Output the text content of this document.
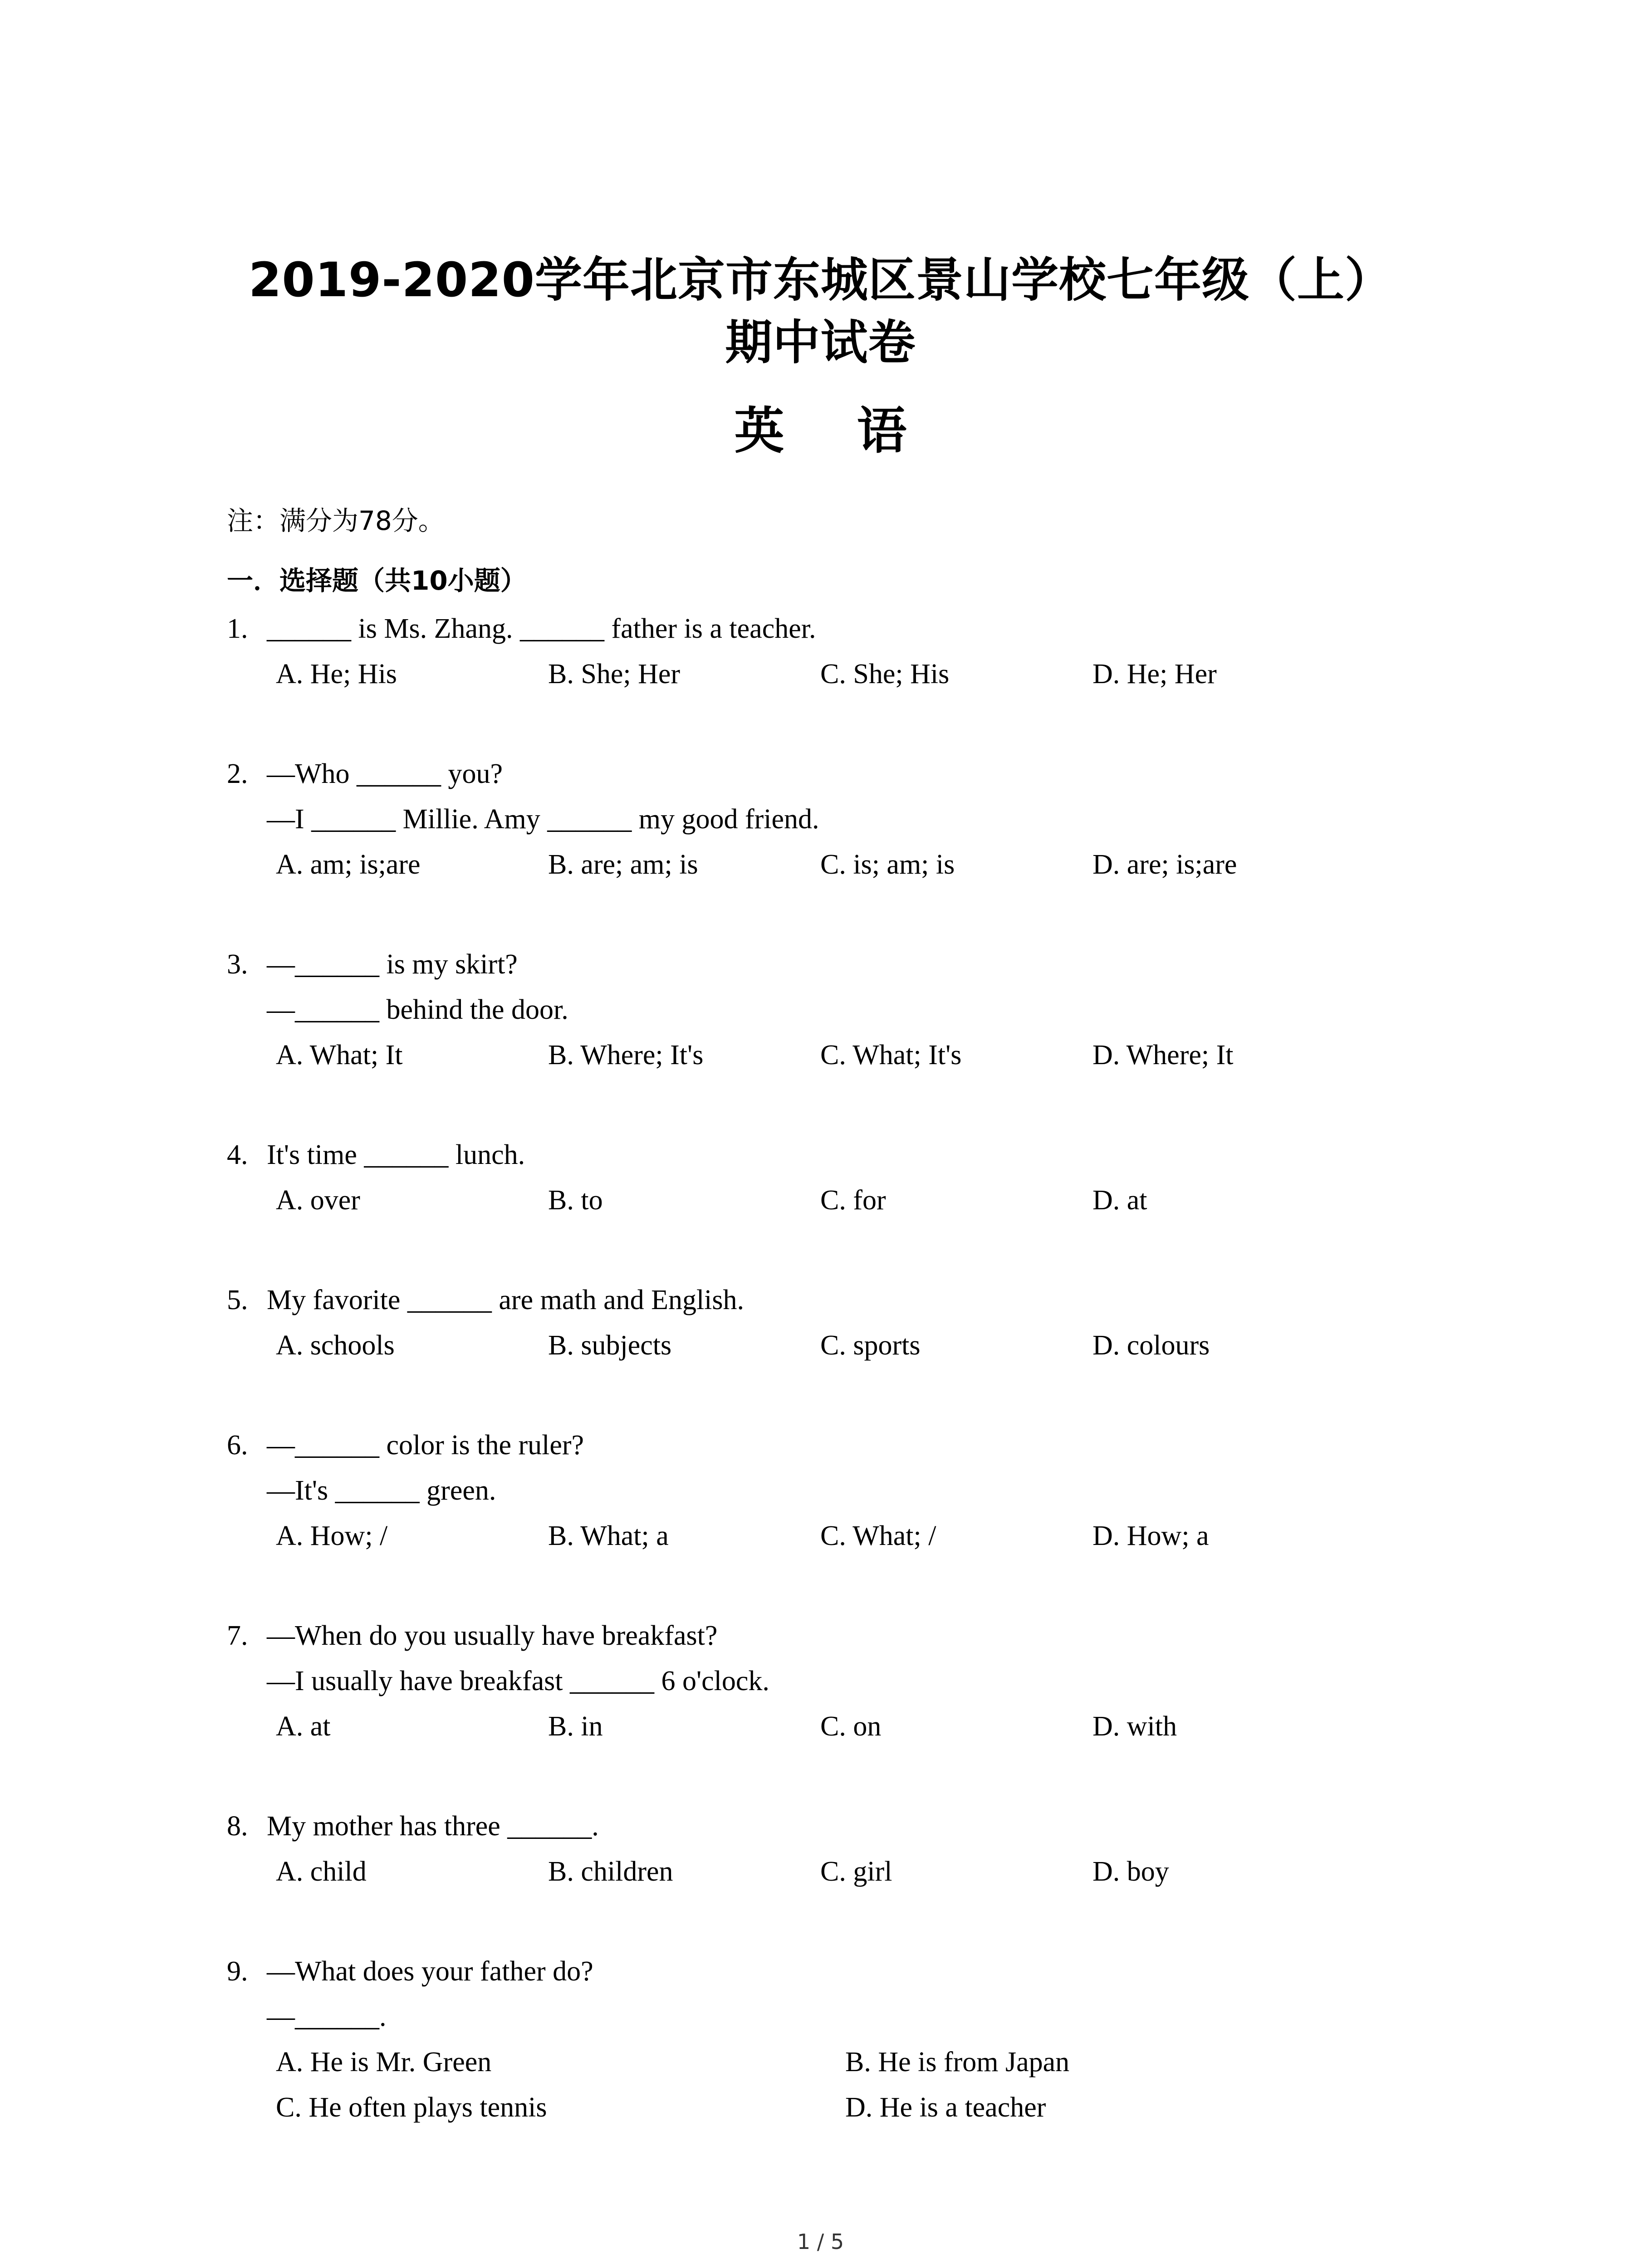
2019-2020学年北京市东城区景山学校七年级（上）期中试卷
英 语
注：满分为78分。
一．选择题（共10小题）
1. ______ is Ms. Zhang. ______ father is a teacher.
A. He; His	B. She; Her	C. She; His	D. He; Her
2. —Who ______ you?
—I ______ Millie. Amy ______ my good friend.
A. am; is;are	B. are; am; is	C. is; am; is	D. are; is;are
3. —______ is my skirt?
—______ behind the door.
A. What; It	B. Where; It's	C. What; It's	D. Where; It
4. It's time ______ lunch.
A. over	B. to	C. for	D. at
5. My favorite ______ are math and English.
A. schools	B. subjects	C. sports	D. colours
6. —______ color is the ruler?
—It's ______ green.
A. How; /	B. What; a	C. What; /	D. How; a
7. —When do you usually have breakfast?
—I usually have breakfast ______ 6 o'clock.
A. at	B. in	C. on	D. with
8. My mother has three ______.
A. child	B. children	C. girl	D. boy
9. —What does your father do?
—______.
A. He is Mr. Green	B. He is from Japan
C. He often plays tennis	D. He is a teacher
1 / 5
